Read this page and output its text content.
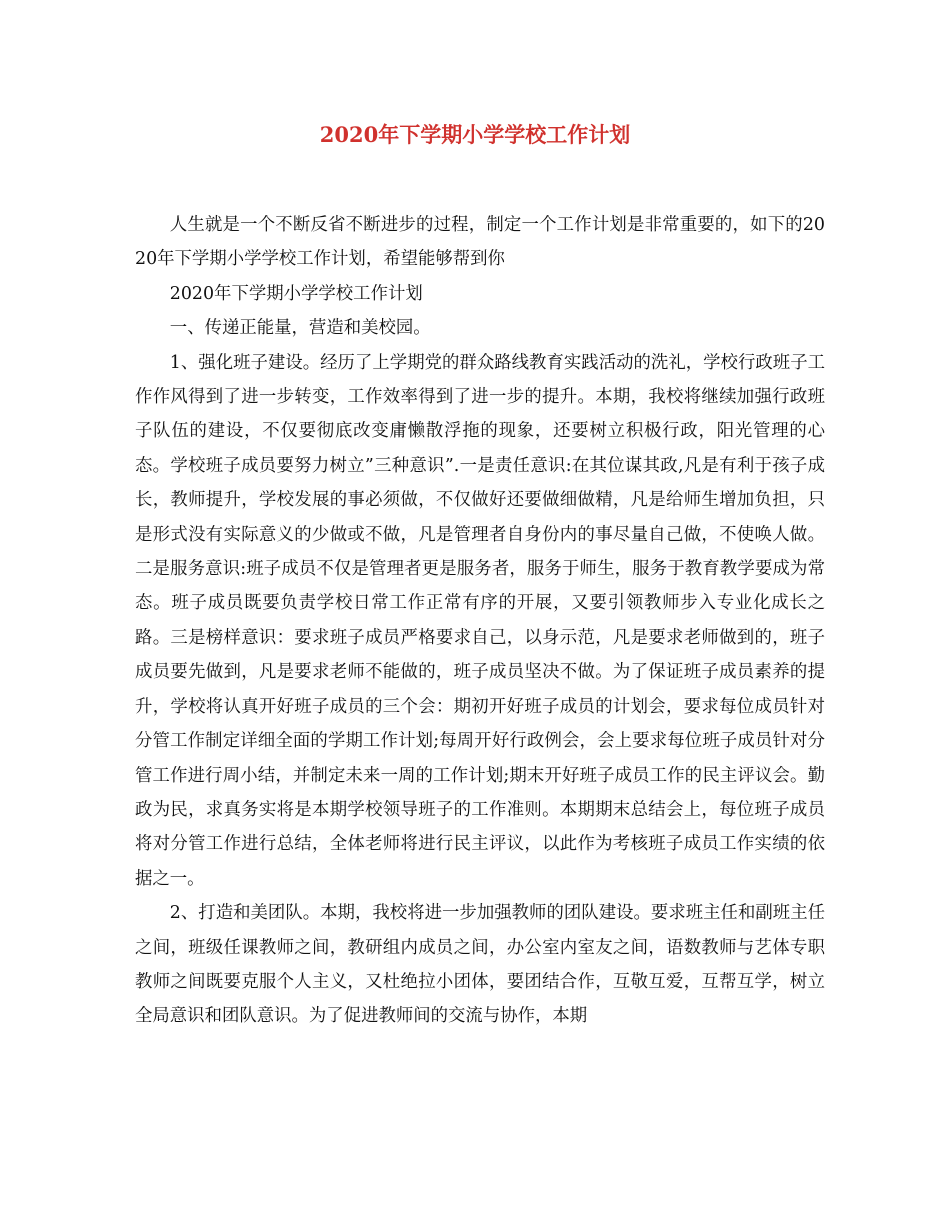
2020年下学期小学学校工作计划

人生就是一个不断反省不断进步的过程，制定一个工作计划是非常重要的，如下的2020年下学期小学学校工作计划，希望能够帮到你

2020年下学期小学学校工作计划

一、传递正能量，营造和美校园。

1、强化班子建设。经历了上学期党的群众路线教育实践活动的洗礼，学校行政班子工作作风得到了进一步转变，工作效率得到了进一步的提升。本期，我校将继续加强行政班子队伍的建设，不仅要彻底改变庸懒散浮拖的现象，还要树立积极行政，阳光管理的心态。学校班子成员要努力树立”三种意识”.一是责任意识:在其位谋其政,凡是有利于孩子成长，教师提升，学校发展的事必须做，不仅做好还要做细做精，凡是给师生增加负担，只是形式没有实际意义的少做或不做，凡是管理者自身份内的事尽量自己做，不使唤人做。二是服务意识:班子成员不仅是管理者更是服务者，服务于师生，服务于教育教学要成为常态。班子成员既要负责学校日常工作正常有序的开展，又要引领教师步入专业化成长之路。三是榜样意识：要求班子成员严格要求自己，以身示范，凡是要求老师做到的，班子成员要先做到，凡是要求老师不能做的，班子成员坚决不做。为了保证班子成员素养的提升，学校将认真开好班子成员的三个会：期初开好班子成员的计划会，要求每位成员针对分管工作制定详细全面的学期工作计划;每周开好行政例会，会上要求每位班子成员针对分管工作进行周小结，并制定未来一周的工作计划;期末开好班子成员工作的民主评议会。勤政为民，求真务实将是本期学校领导班子的工作准则。本期期末总结会上，每位班子成员将对分管工作进行总结，全体老师将进行民主评议，以此作为考核班子成员工作实绩的依据之一。

2、打造和美团队。本期，我校将进一步加强教师的团队建设。要求班主任和副班主任之间，班级任课教师之间，教研组内成员之间，办公室内室友之间，语数教师与艺体专职教师之间既要克服个人主义，又杜绝拉小团体，要团结合作，互敬互爱，互帮互学，树立全局意识和团队意识。为了促进教师间的交流与协作，本期
